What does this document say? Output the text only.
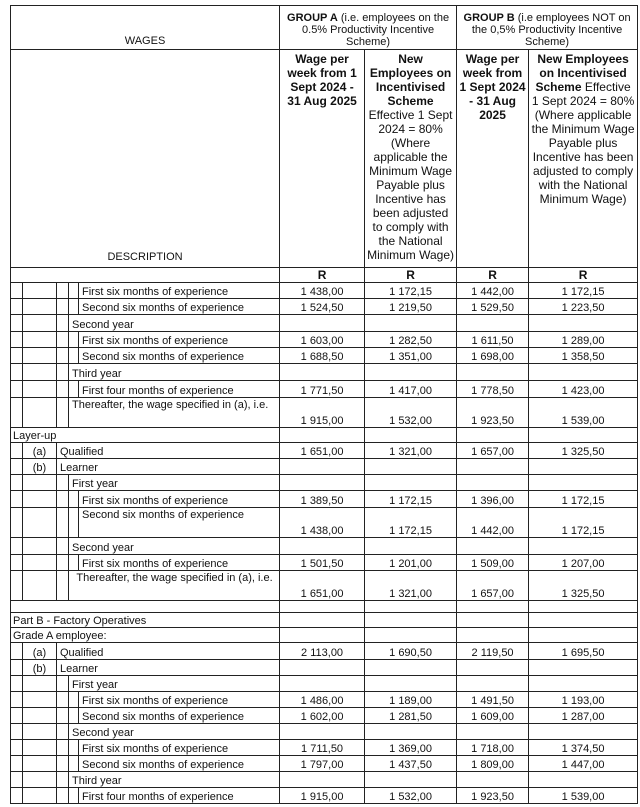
WAGES					GROUP A (i.e. employees on the 0.5% Productivity Incentive Scheme)		GROUP B (i.e employees NOT on the 0,5% Productivity Incentive Scheme)	
DESCRIPTION					Wage per week from 1 Sept 2024 - 31 Aug 2025	New Employees on Incentivised Scheme Effective 1 Sept 2024 = 80% (Where applicable the Minimum Wage Payable plus Incentive has been adjusted to comply with the National Minimum Wage)	Wage per week from 1 Sept 2024 - 31 Aug 2025	New Employees on Incentivised Scheme Effective 1 Sept 2024 = 80% (Where applicable the Minimum Wage Payable plus Incentive has been adjusted to comply with the National Minimum Wage)
					R	R	R	R
				First six months of experience	1 438,00	1 172,15	1 442,00	1 172,15
				Second six months of experience	1 524,50	1 219,50	1 529,50	1 223,50
			Second year					
				First six months of experience	1 603,00	1 282,50	1 611,50	1 289,00
				Second six months of experience	1 688,50	1 351,00	1 698,00	1 358,50
			Third year					
				First four months of experience	1 771,50	1 417,00	1 778,50	1 423,00
			Thereafter, the wage specified in (a), i.e.		1 915,00	1 532,00	1 923,50	1 539,00
Layer-up								
	(a)	Qualified			1 651,00	1 321,00	1 657,00	1 325,50
	(b)	Learner						
			First year					
				First six months of experience	1 389,50	1 172,15	1 396,00	1 172,15
				Second six months of experience	1 438,00	1 172,15	1 442,00	1 172,15
			Second year					
				First six months of experience	1 501,50	1 201,00	1 509,00	1 207,00
			Thereafter, the wage specified in (a), i.e.		1 651,00	1 321,00	1 657,00	1 325,50

Part B - Factory Operatives								
Grade A employee:								
	(a)	Qualified			2 113,00	1 690,50	2 119,50	1 695,50
	(b)	Learner						
			First year					
				First six months of experience	1 486,00	1 189,00	1 491,50	1 193,00
				Second six months of experience	1 602,00	1 281,50	1 609,00	1 287,00
			Second year					
				First six months of experience	1 711,50	1 369,00	1 718,00	1 374,50
				Second six months of experience	1 797,00	1 437,50	1 809,00	1 447,00
			Third year					
				First four months of experience	1 915,00	1 532,00	1 923,50	1 539,00
